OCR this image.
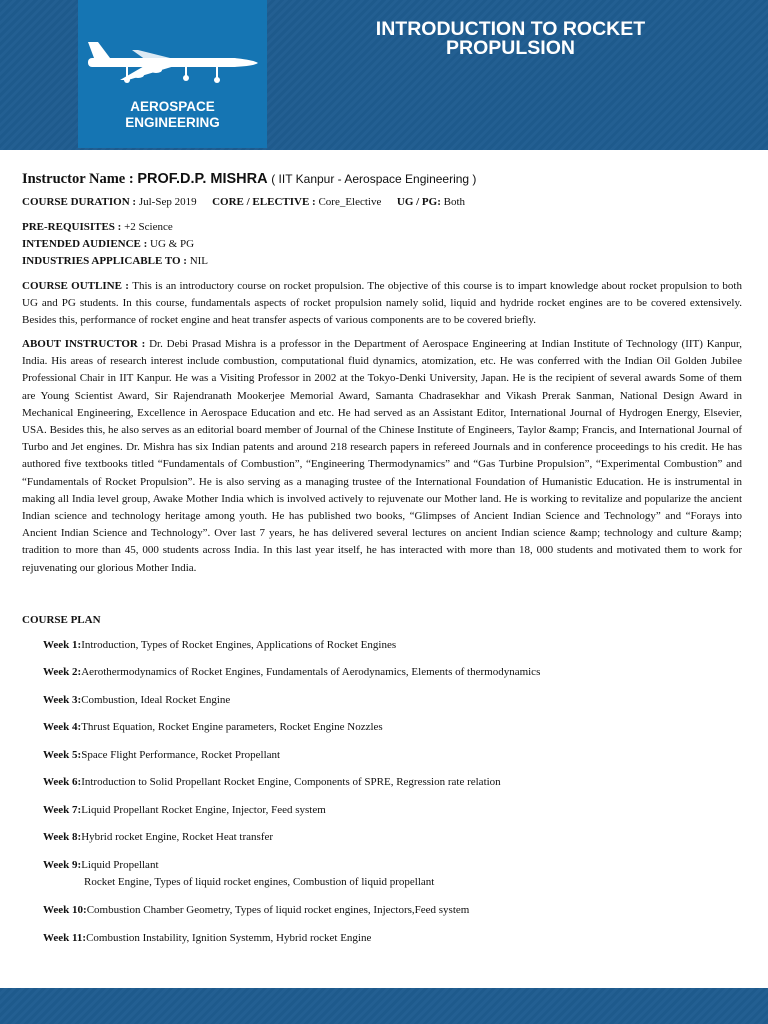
AEROSPACE
ENGINEERING
INTRODUCTION TO ROCKET
PROPULSION
Instructor Name : PROF.D.P. MISHRA ( IIT Kanpur - Aerospace Engineering )
COURSE DURATION : Jul-Sep 2019 CORE / ELECTIVE : Core_Elective UG / PG: Both
PRE-REQUISITES : +2 Science
INTENDED AUDIENCE : UG & PG
INDUSTRIES APPLICABLE TO : NIL
COURSE OUTLINE : This is an introductory course on rocket propulsion. The objective of this course is to impart knowledge about rocket propulsion to both UG and PG students. In this course, fundamentals aspects of rocket propulsion namely solid, liquid and hydride rocket engines are to be covered extensively. Besides this, performance of rocket engine and heat transfer aspects of various components are to be covered briefly.
ABOUT INSTRUCTOR : Dr. Debi Prasad Mishra is a professor in the Department of Aerospace Engineering at Indian Institute of Technology (IIT) Kanpur, India. His areas of research interest include combustion, computational fluid dynamics, atomization, etc. He was conferred with the Indian Oil Golden Jubilee Professional Chair in IIT Kanpur. He was a Visiting Professor in 2002 at the Tokyo-Denki University, Japan. He is the recipient of several awards Some of them are Young Scientist Award, Sir Rajendranath Mookerjee Memorial Award, Samanta Chadrasekhar and Vikash Prerak Sanman, National Design Award in Mechanical Engineering, Excellence in Aerospace Education and etc. He had served as an Assistant Editor, International Journal of Hydrogen Energy, Elsevier, USA. Besides this, he also serves as an editorial board member of Journal of the Chinese Institute of Engineers, Taylor &amp; Francis, and International Journal of Turbo and Jet engines. Dr. Mishra has six Indian patents and around 218 research papers in refereed Journals and in conference proceedings to his credit. He has authored five textbooks titled “Fundamentals of Combustion”, “Engineering Thermodynamics” and “Gas Turbine Propulsion”, “Experimental Combustion” and “Fundamentals of Rocket Propulsion”. He is also serving as a managing trustee of the International Foundation of Humanistic Education. He is instrumental in making all India level group, Awake Mother India which is involved actively to rejuvenate our Mother land. He is working to revitalize and popularize the ancient Indian science and technology heritage among youth. He has published two books, “Glimpses of Ancient Indian Science and Technology” and “Forays into Ancient Indian Science and Technology”. Over last 7 years, he has delivered several lectures on ancient Indian science &amp; technology and culture &amp; tradition to more than 45, 000 students across India. In this last year itself, he has interacted with more than 18, 000 students and motivated them to work for rejuvenating our glorious Mother India.
COURSE PLAN
Week 1:Introduction, Types of Rocket Engines, Applications of Rocket Engines
Week 2:Aerothermodynamics of Rocket Engines, Fundamentals of Aerodynamics, Elements of thermodynamics
Week 3:Combustion, Ideal Rocket Engine
Week 4:Thrust Equation, Rocket Engine parameters, Rocket Engine Nozzles
Week 5:Space Flight Performance, Rocket Propellant
Week 6:Introduction to Solid Propellant Rocket Engine, Components of SPRE, Regression rate relation
Week 7:Liquid Propellant Rocket Engine, Injector, Feed system
Week 8:Hybrid rocket Engine, Rocket Heat transfer
Week 9:Liquid Propellant
Rocket Engine, Types of liquid rocket engines, Combustion of liquid propellant
Week 10:Combustion Chamber Geometry, Types of liquid rocket engines, Injectors,Feed system
Week 11:Combustion Instability, Ignition Systemm, Hybrid rocket Engine
